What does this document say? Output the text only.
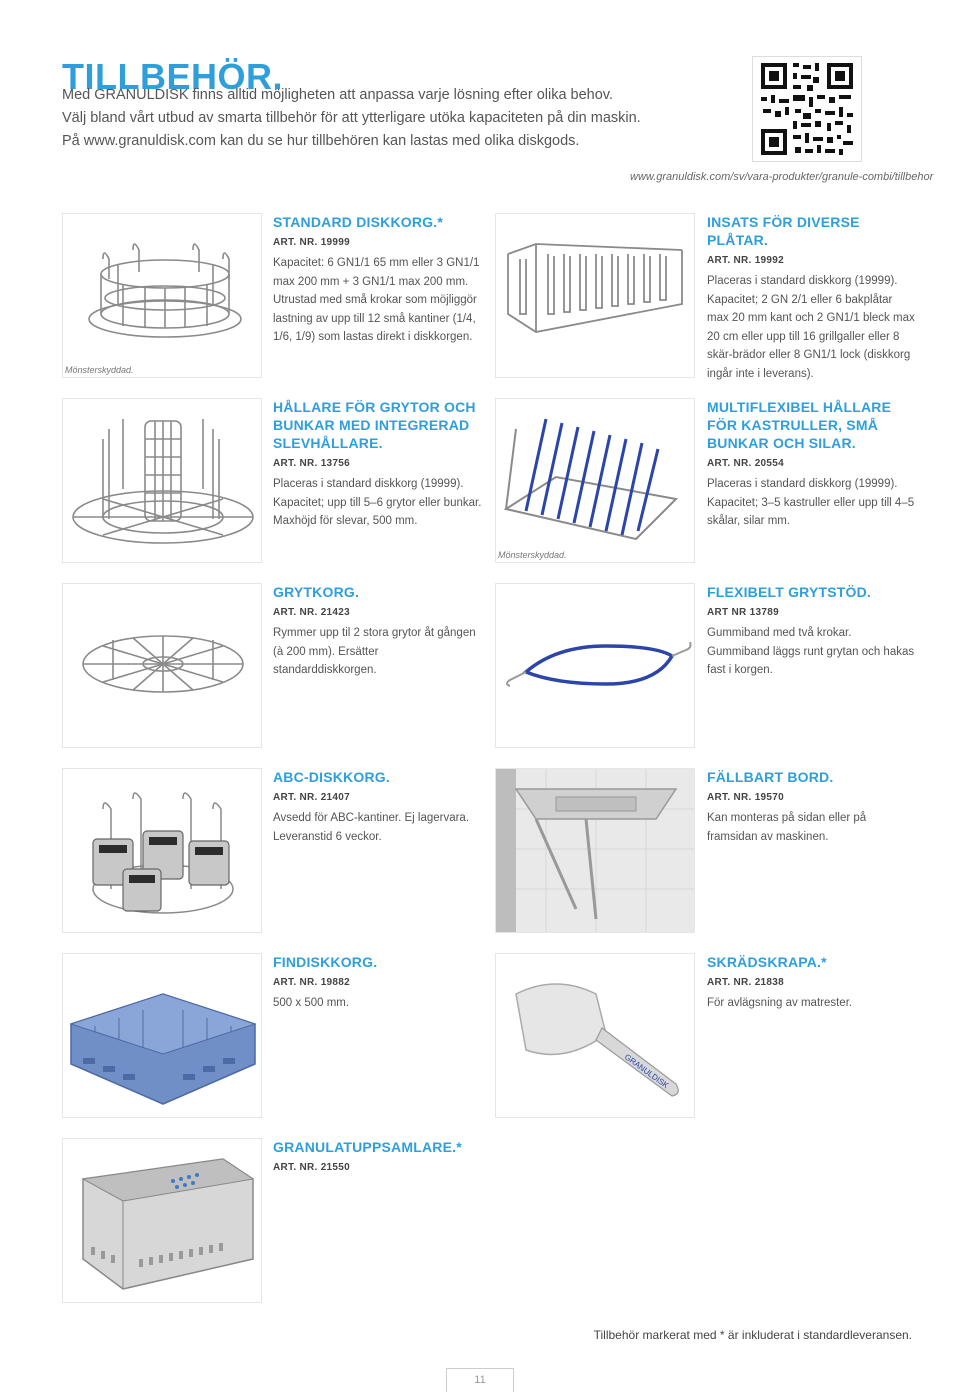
TILLBEHÖR.

Med GRANULDISK finns alltid möjligheten att anpassa varje lösning efter olika behov.

Välj bland vårt utbud av smarta tillbehör för att ytterligare utöka kapaciteten på din maskin.

På www.granuldisk.com kan du se hur tillbehören kan lastas med olika diskgods.

www.granuldisk.com/sv/vara-produkter/granule-combi/tillbehor
Mönsterskyddad.
STANDARD DISKKORG.*

ART. NR. 19999

Kapacitet: 6 GN1/1 65 mm eller 3 GN1/1 max 200 mm + 3 GN1/1 max 200 mm. Utrustad med små krokar som möjliggör lastning av upp till 12 små kantiner (1/4, 1/6, 1/9) som lastas direkt i diskkorgen.

INSATS FÖR DIVERSE PLÅTAR.

ART. NR. 19992

Placeras i standard diskkorg (19999). Kapacitet; 2 GN 2/1 eller 6 bakplåtar max 20 mm kant och 2 GN1/1 bleck max 20 cm eller upp till 16 grillgaller eller 8 skär-brädor eller 8 GN1/1 lock (diskkorg ingår inte i leverans).

HÅLLARE FÖR GRYTOR OCH BUNKAR MED INTEGRERAD SLEVHÅLLARE.

ART. NR. 13756

Placeras i standard diskkorg (19999). Kapacitet; upp till 5–6 grytor eller bunkar. Maxhöjd för slevar, 500 mm.

Mönsterskyddad.
MULTIFLEXIBEL HÅLLARE FÖR KASTRULLER, SMÅ BUNKAR OCH SILAR.

ART. NR. 20554

Placeras i standard diskkorg (19999). Kapacitet; 3–5 kastruller eller upp till 4–5 skålar, silar mm.

GRYTKORG.

ART. NR. 21423

Rymmer upp til 2 stora grytor åt gången (à 200 mm). Ersätter standarddiskkorgen.

FLEXIBELT GRYTSTÖD.

ART NR 13789

Gummiband med två krokar. Gummiband läggs runt grytan och hakas fast i korgen.

ABC-DISKKORG.

ART. NR. 21407

Avsedd för ABC-kantiner. Ej lagervara. Leveranstid 6 veckor.

FÄLLBART BORD.

ART. NR. 19570

Kan monteras på sidan eller på framsidan av maskinen.

FINDISKKORG.

ART. NR. 19882

500 x 500 mm.

GRANULDISK
SKRÄDSKRAPA.*

ART. NR. 21838

För avlägsning av matrester.

GRANULATUPPSAMLARE.*

ART. NR. 21550

Tillbehör markerat med * är inkluderat i standardleveransen.
11
